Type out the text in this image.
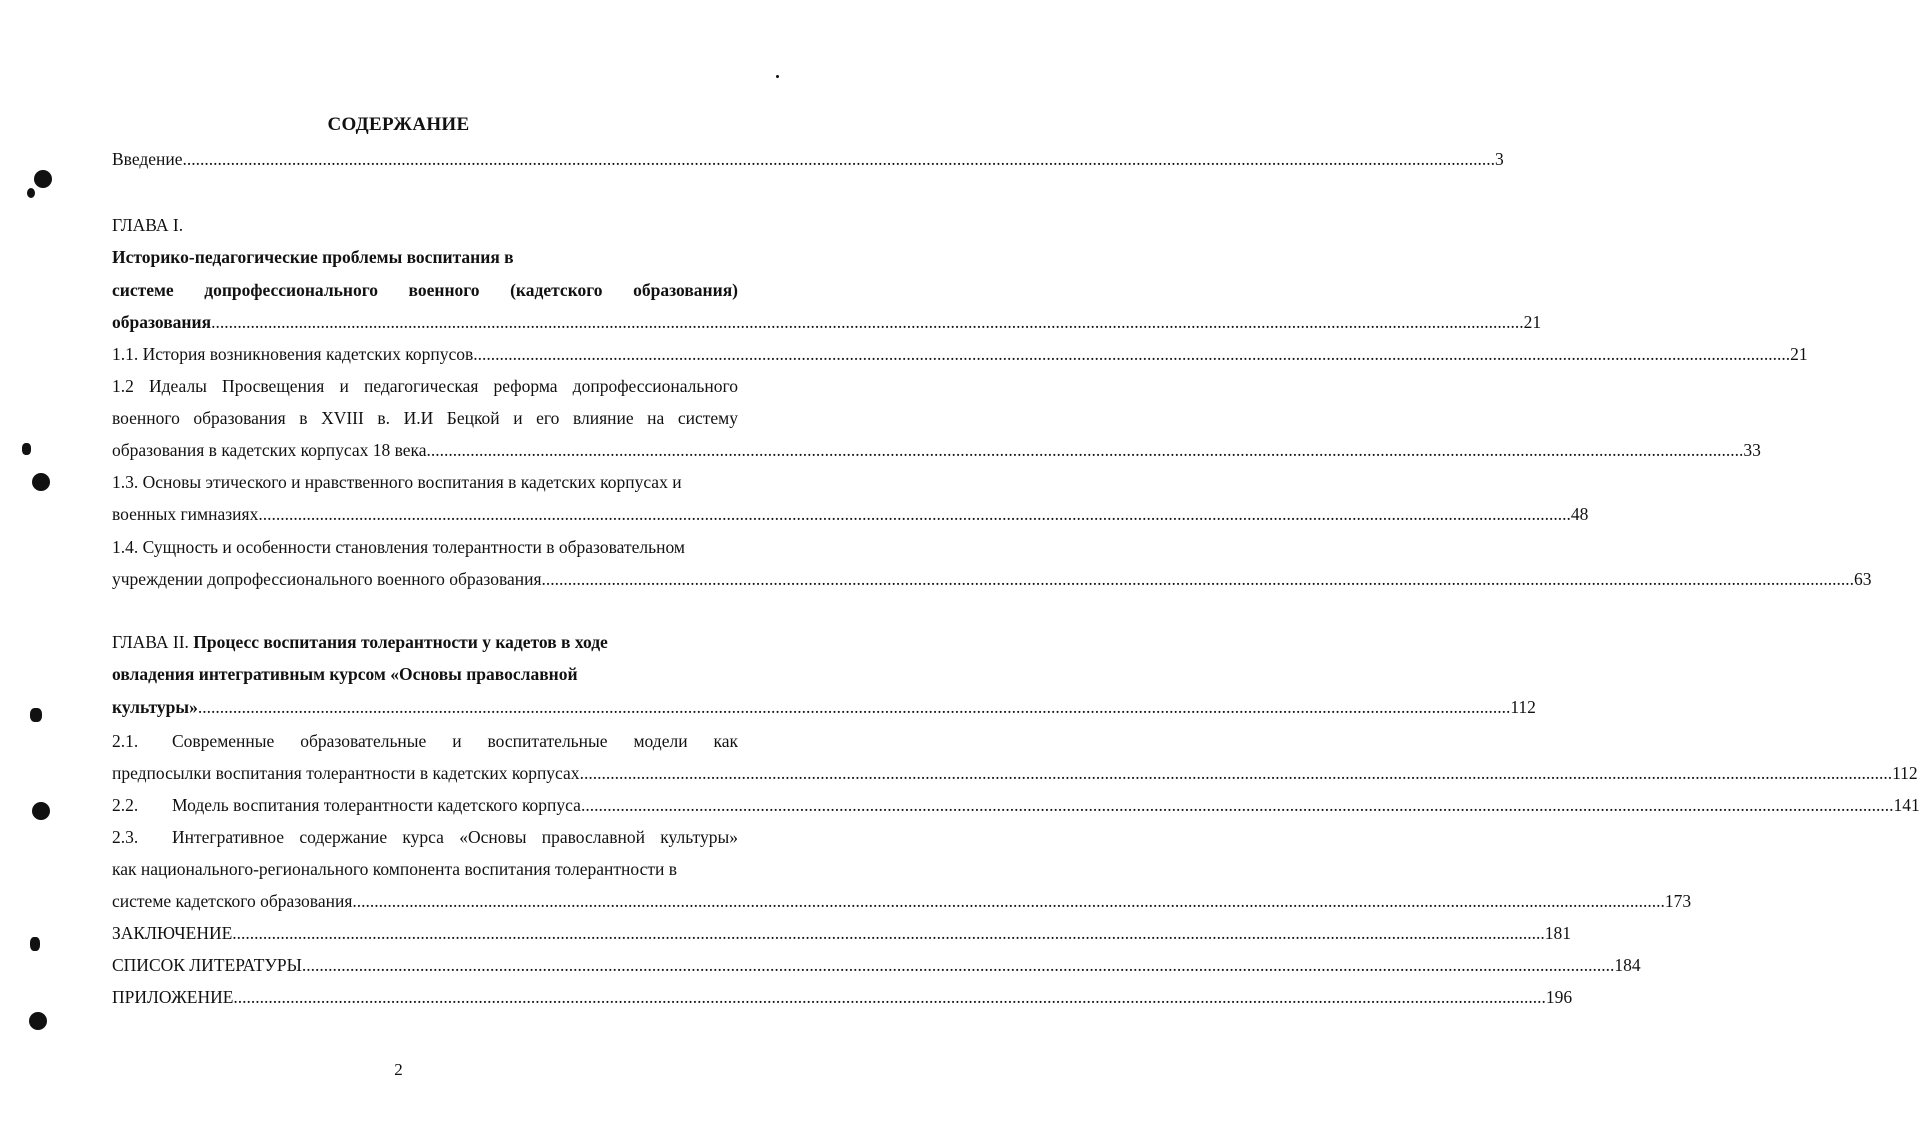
СОДЕРЖАНИЕ
Введение ............................................................................................................................................................................................................................................................................................................ 3
ГЛАВА I.
Историко-педагогические проблемы воспитания в
системе допрофессионального военного (кадетского образования)
образования ............................................................................................................................................................................................................................................................................................................ 21
1.1. История возникновения кадетских корпусов. ............................................................................................................................................................................................................................................................................................................ 21
1.2 Идеалы Просвещения и педагогическая реформа допрофессионального
военного образования в XVIII в. И.И Бецкой и его влияние на систему
образования в кадетских корпусах 18 века. ............................................................................................................................................................................................................................................................................................................ 33
1.3. Основы этического и нравственного воспитания в кадетских корпусах и
военных гимназиях ............................................................................................................................................................................................................................................................................................................ 48
1.4. Сущность и особенности становления толерантности в образовательном
учреждении допрофессионального военного образования ............................................................................................................................................................................................................................................................................................................ 63
ГЛАВА II. Процесс воспитания толерантности у кадетов в ходе
овладения интегративным курсом «Основы православной
культуры» ............................................................................................................................................................................................................................................................................................................ 112
2.1.	Современные образовательные и воспитательные модели как
предпосылки воспитания толерантности в кадетских корпусах ............................................................................................................................................................................................................................................................................................................ 112
2.2.	Модель воспитания толерантности кадетского корпуса ............................................................................................................................................................................................................................................................................................................ 141
2.3.	Интегративное содержание курса «Основы православной культуры»
как национального-регионального компонента воспитания толерантности в
системе кадетского образования ............................................................................................................................................................................................................................................................................................................ 173
ЗАКЛЮЧЕНИЕ ............................................................................................................................................................................................................................................................................................................ 181
СПИСОК ЛИТЕРАТУРЫ ............................................................................................................................................................................................................................................................................................................ 184
ПРИЛОЖЕНИЕ ............................................................................................................................................................................................................................................................................................................ 196
2
